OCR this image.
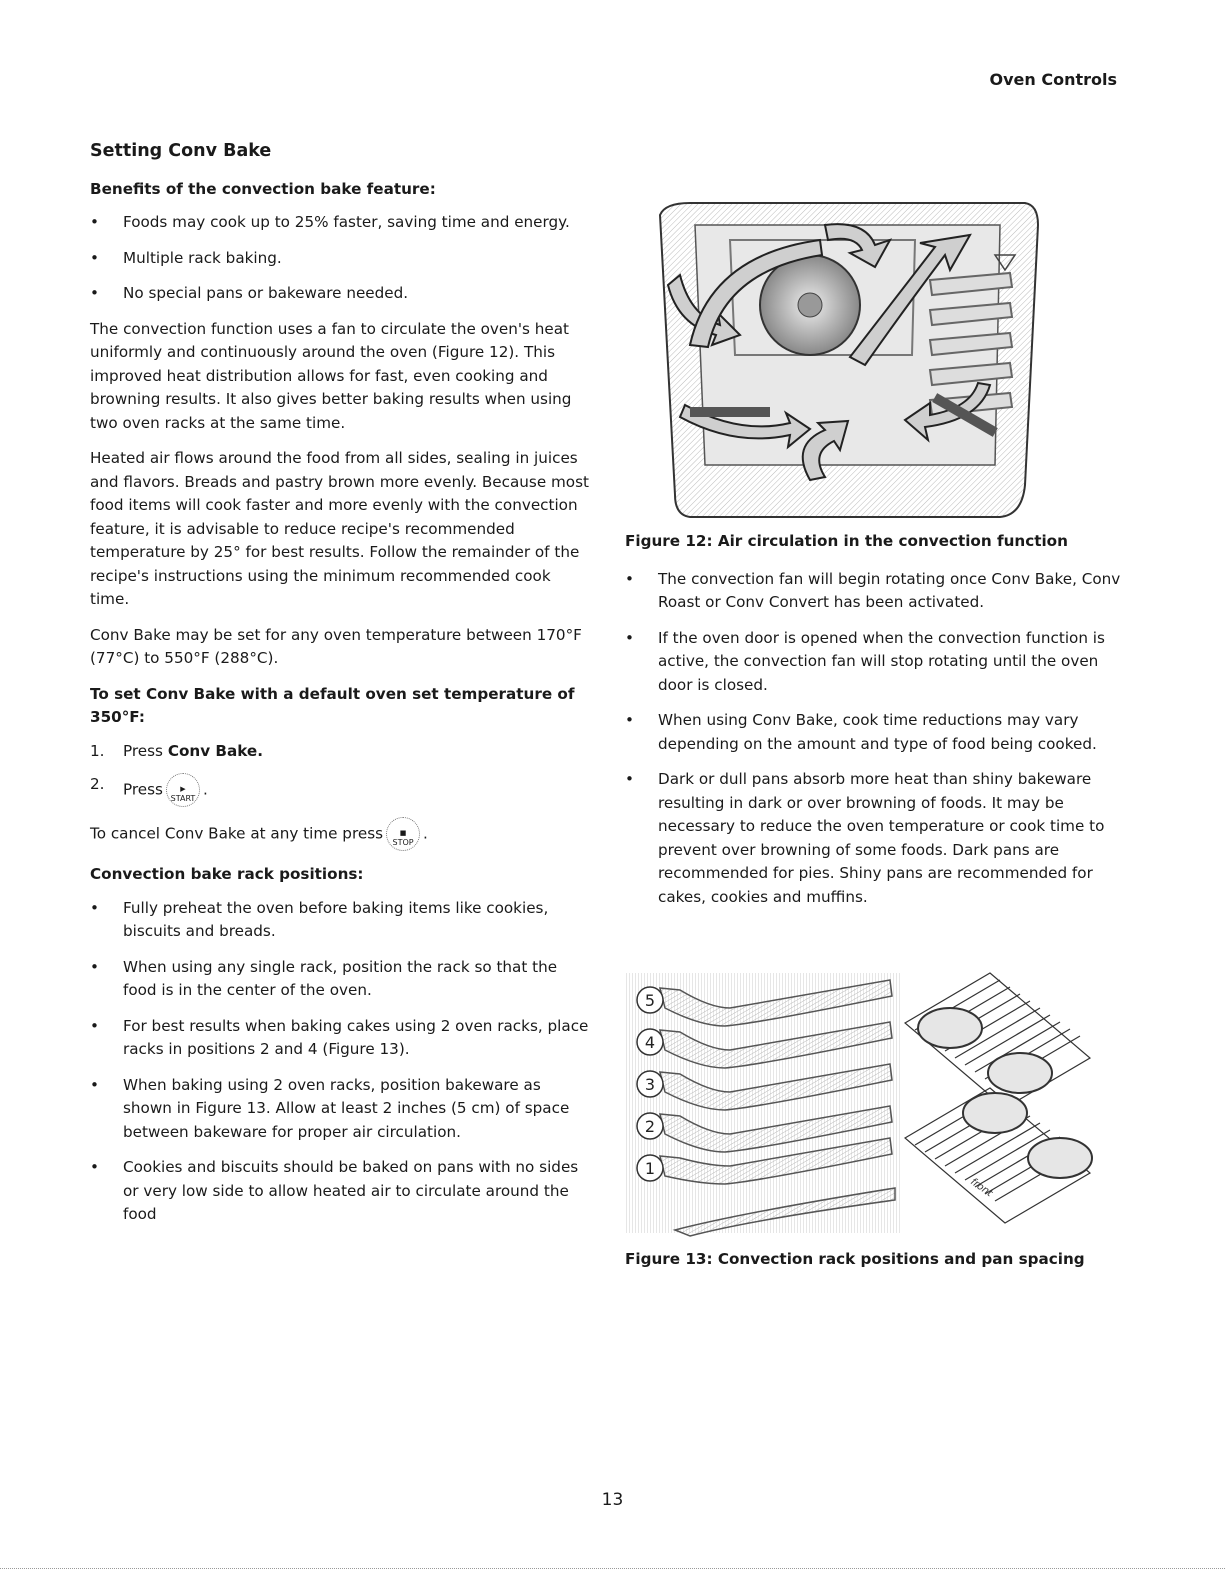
Oven Controls
Setting Conv Bake
Benefits of the convection bake feature:
• Foods may cook up to 25% faster, saving time and energy.
• Multiple rack baking.
• No special pans or bakeware needed.

The convection function uses a fan to circulate the oven's heat uniformly and continuously around the oven (Figure 12). This improved heat distribution allows for fast, even cooking and browning results. It also gives better baking results when using two oven racks at the same time.

Heated air flows around the food from all sides, sealing in juices and flavors. Breads and pastry brown more evenly. Because most food items will cook faster and more evenly with the convection feature, it is advisable to reduce recipe's recommended temperature by 25° for best results. Follow the remainder of the recipe's instructions using the minimum recommended cook time.

Conv Bake may be set for any oven temperature between 170°F (77°C) to 550°F (288°C).

To set Conv Bake with a default oven set temperature of 350°F:
1. Press Conv Bake.
2. Press ▶
START .

To cancel Conv Bake at any time press ■
STOP .

Convection bake rack positions:
• Fully preheat the oven before baking items like cookies, biscuits and breads.
• When using any single rack, position the rack so that the food is in the center of the oven.
• For best results when baking cakes using 2 oven racks, place racks in positions 2 and 4 (Figure 13).
• When baking using 2 oven racks, position bakeware as shown in Figure 13. Allow at least 2 inches (5 cm) of space between bakeware for proper air circulation.
• Cookies and biscuits should be baked on pans with no sides or very low side to allow heated air to circulate around the food
Figure 12: Air circulation in the convection function
• The convection fan will begin rotating once Conv Bake, Conv Roast or Conv Convert has been activated.
• If the oven door is opened when the convection function is active, the convection fan will stop rotating until the oven door is closed.
• When using Conv Bake, cook time reductions may vary depending on the amount and type of food being cooked.
• Dark or dull pans absorb more heat than shiny bakeware resulting in dark or over browning of foods. It may be necessary to reduce the oven temperature or cook time to prevent over browning of some foods. Dark pans are recommended for pies. Shiny pans are recommended for cakes, cookies and muffins.
5
4
3
2
1
front
Figure 13: Convection rack positions and pan spacing
13
